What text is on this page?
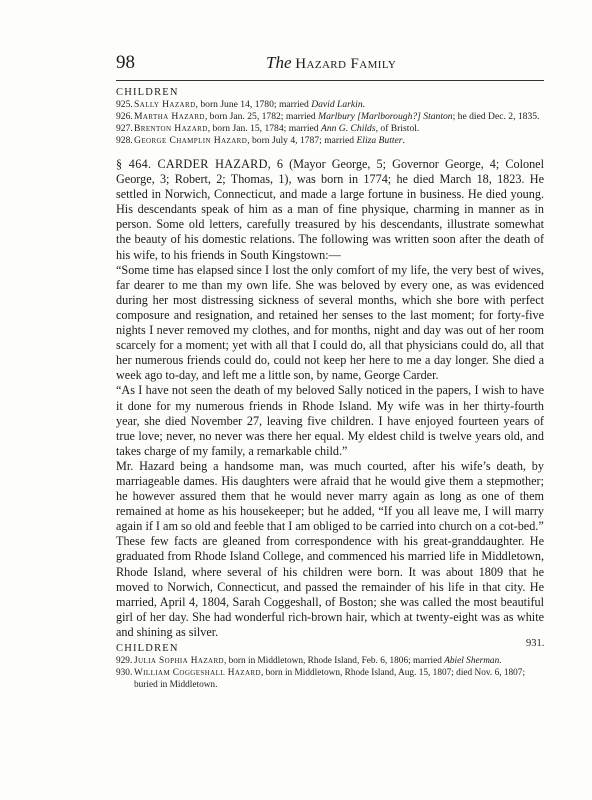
98	The Hazard Family
CHILDREN
925.Sally Hazard, born June 14, 1780; married David Larkin.
926.Martha Hazard, born Jan. 25, 1782; married Marlbury [Marlborough?] Stanton; he died Dec. 2, 1835.
927.Brenton Hazard, born Jan. 15, 1784; married Ann G. Childs, of Bristol.
928.George Champlin Hazard, born July 4, 1787; married Eliza Butter.

§ 464. CARDER HAZARD, 6 (Mayor George, 5; Governor George, 4; Colonel George, 3; Robert, 2; Thomas, 1), was born in 1774; he died March 18, 1823. He settled in Norwich, Connecticut, and made a large fortune in business. He died young. His descendants speak of him as a man of fine physique, charming in manner as in person. Some old letters, carefully treasured by his descendants, illustrate somewhat the beauty of his domestic relations. The following was written soon after the death of his wife, to his friends in South Kingstown:—

“Some time has elapsed since I lost the only comfort of my life, the very best of wives, far dearer to me than my own life. She was beloved by every one, as was evidenced during her most distressing sickness of several months, which she bore with perfect composure and resignation, and retained her senses to the last moment; for forty-five nights I never removed my clothes, and for months, night and day was out of her room scarcely for a moment; yet with all that I could do, all that physicians could do, all that her numerous friends could do, could not keep her here to me a day longer. She died a week ago to-day, and left me a little son, by name, George Carder.

“As I have not seen the death of my beloved Sally noticed in the papers, I wish to have it done for my numerous friends in Rhode Island. My wife was in her thirty-fourth year, she died November 27, leaving five children. I have enjoyed fourteen years of true love; never, no never was there her equal. My eldest child is twelve years old, and takes charge of my family, a remarkable child.”

Mr. Hazard being a handsome man, was much courted, after his wife’s death, by marriageable dames. His daughters were afraid that he would give them a stepmother; he however assured them that he would never marry again as long as one of them remained at home as his housekeeper; but he added, “If you all leave me, I will marry again if I am so old and feeble that I am obliged to be carried into church on a cot-bed.”

These few facts are gleaned from correspondence with his great-granddaughter. He graduated from Rhode Island College, and commenced his married life in Middletown, Rhode Island, where several of his children were born. It was about 1809 that he moved to Norwich, Connecticut, and passed the remainder of his life in that city. He married, April 4, 1804, Sarah Coggeshall, of Boston; she was called the most beautiful girl of her day. She had wonderful rich-brown hair, which at twenty-eight was as white and shining as silver.

CHILDREN
929. Julia Sophia Hazard, born in Middletown, Rhode Island, Feb. 6, 1806; married Abiel Sherman.
930. William Coggeshall Hazard, born in Middletown, Rhode Island, Aug. 15, 1807; died Nov. 6, 1807; buried in Middletown.
931.
